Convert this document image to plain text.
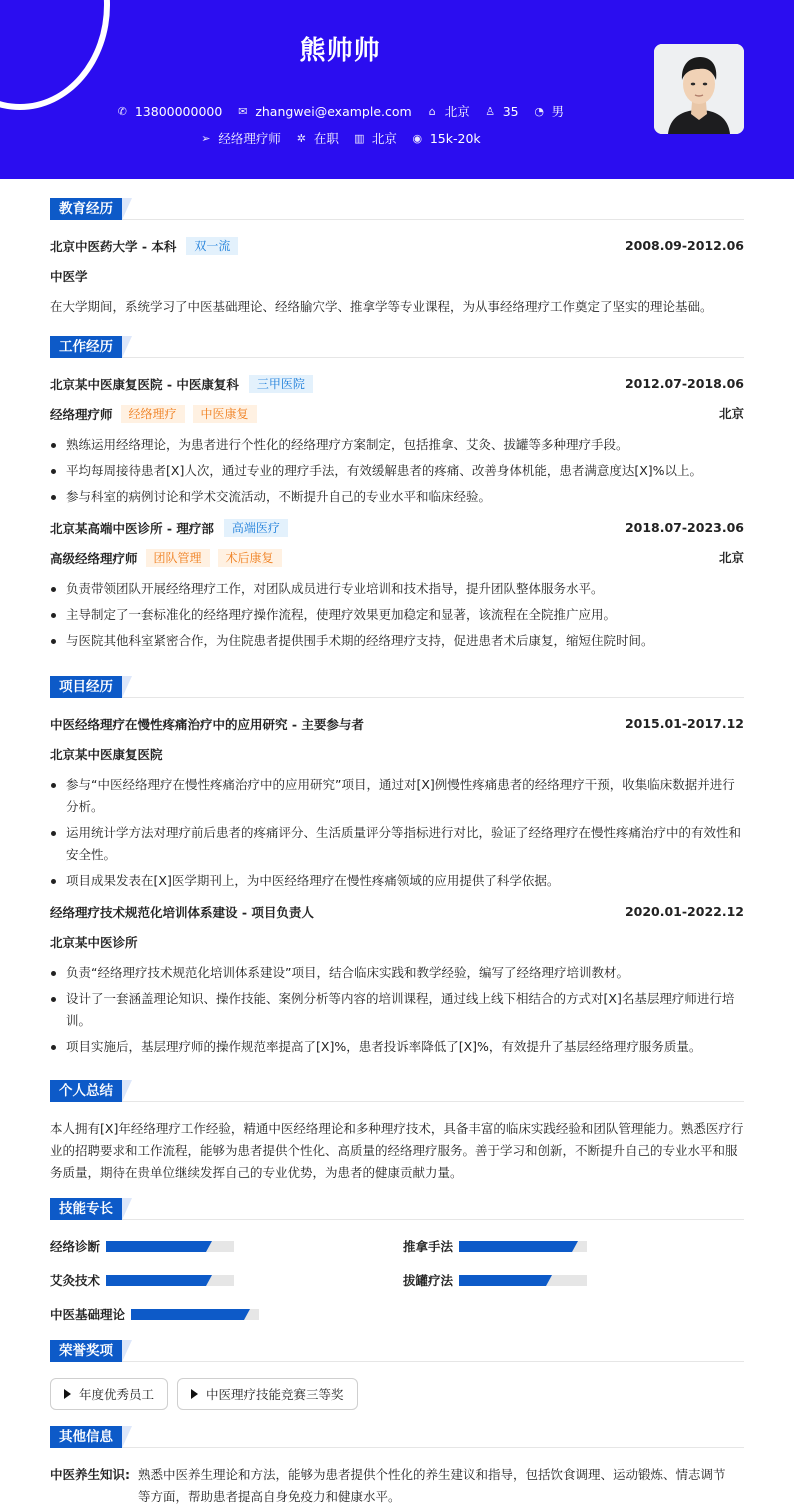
熊帅帅
✆ 13800000000 ✉ zhangwei@example.com ⌂ 北京 ♙ 35 ◔ 男
➢ 经络理疗师 ✲ 在职 ▥ 北京 ◉ 15k-20k
教育经历
北京中医药大学 - 本科	双一流	2008.09-2012.06
中医学
在大学期间，系统学习了中医基础理论、经络腧穴学、推拿学等专业课程，为从事经络理疗工作奠定了坚实的理论基础。
工作经历
北京某中医康复医院 - 中医康复科	三甲医院	2012.07-2018.06
经络理疗师	经络理疗	中医康复	北京
熟练运用经络理论，为患者进行个性化的经络理疗方案制定，包括推拿、艾灸、拔罐等多种理疗手段。
平均每周接待患者[X]人次，通过专业的理疗手法，有效缓解患者的疼痛、改善身体机能，患者满意度达[X]%以上。
参与科室的病例讨论和学术交流活动，不断提升自己的专业水平和临床经验。
北京某高端中医诊所 - 理疗部	高端医疗	2018.07-2023.06
高级经络理疗师	团队管理	术后康复	北京
负责带领团队开展经络理疗工作，对团队成员进行专业培训和技术指导，提升团队整体服务水平。
主导制定了一套标准化的经络理疗操作流程，使理疗效果更加稳定和显著，该流程在全院推广应用。
与医院其他科室紧密合作，为住院患者提供围手术期的经络理疗支持，促进患者术后康复，缩短住院时间。
项目经历
中医经络理疗在慢性疼痛治疗中的应用研究 - 主要参与者	2015.01-2017.12
北京某中医康复医院
参与“中医经络理疗在慢性疼痛治疗中的应用研究”项目，通过对[X]例慢性疼痛患者的经络理疗干预，收集临床数据并进行分析。
运用统计学方法对理疗前后患者的疼痛评分、生活质量评分等指标进行对比，验证了经络理疗在慢性疼痛治疗中的有效性和安全性。
项目成果发表在[X]医学期刊上，为中医经络理疗在慢性疼痛领域的应用提供了科学依据。
经络理疗技术规范化培训体系建设 - 项目负责人	2020.01-2022.12
北京某中医诊所
负责“经络理疗技术规范化培训体系建设”项目，结合临床实践和教学经验，编写了经络理疗培训教材。
设计了一套涵盖理论知识、操作技能、案例分析等内容的培训课程，通过线上线下相结合的方式对[X]名基层理疗师进行培训。
项目实施后，基层理疗师的操作规范率提高了[X]%，患者投诉率降低了[X]%，有效提升了基层经络理疗服务质量。
个人总结
本人拥有[X]年经络理疗工作经验，精通中医经络理论和多种理疗技术，具备丰富的临床实践经验和团队管理能力。熟悉医疗行业的招聘要求和工作流程，能够为患者提供个性化、高质量的经络理疗服务。善于学习和创新，不断提升自己的专业水平和服务质量，期待在贵单位继续发挥自己的专业优势，为患者的健康贡献力量。
技能专长
经络诊断	推拿手法
艾灸技术	拔罐疗法
中医基础理论
荣誉奖项
年度优秀员工	中医理疗技能竞赛三等奖
其他信息
中医养生知识: 熟悉中医养生理论和方法，能够为患者提供个性化的养生建议和指导，包括饮食调理、运动锻炼、情志调节等方面，帮助患者提高自身免疫力和健康水平。
